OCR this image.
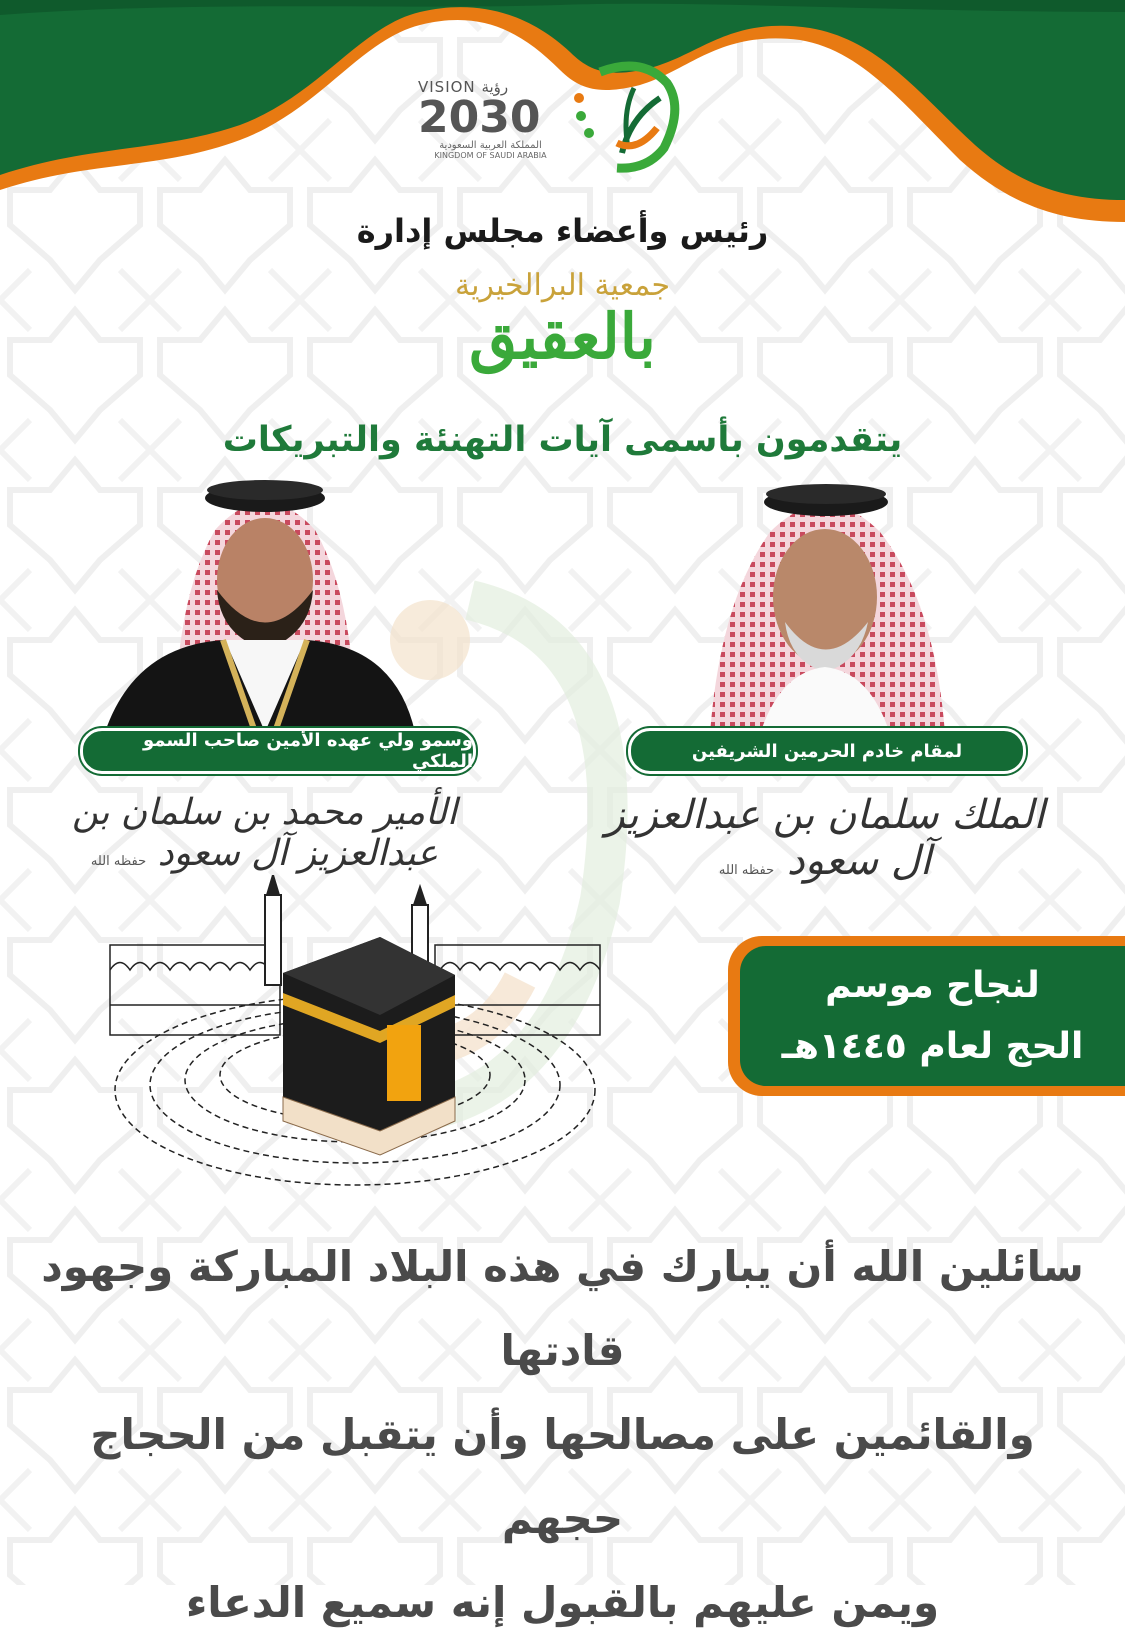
VISION رؤية
2030
المملكة العربية السعودية
KINGDOM OF SAUDI ARABIA
رئيس وأعضاء مجلس إدارة
جمعية البرالخيرية
بالعقيق
يتقدمون بأسمى آيات التهنئة والتبريكات
لمقام خادم الحرمين الشريفين
وسمو ولي عهده الأمين صاحب السمو الملكي
الملك سلمان بن عبدالعزيز آل سعود حفظه الله
الأمير محمد بن سلمان بن عبدالعزيز آل سعود حفظه الله
لنجاح موسم
الحج لعام ١٤٤٥هـ
سائلين الله أن يبارك في هذه البلاد المباركة وجهود قادتها
والقائمين على مصالحها وأن يتقبل من الحجاج حجهم
ويمن عليهم بالقبول إنه سميع الدعاء
